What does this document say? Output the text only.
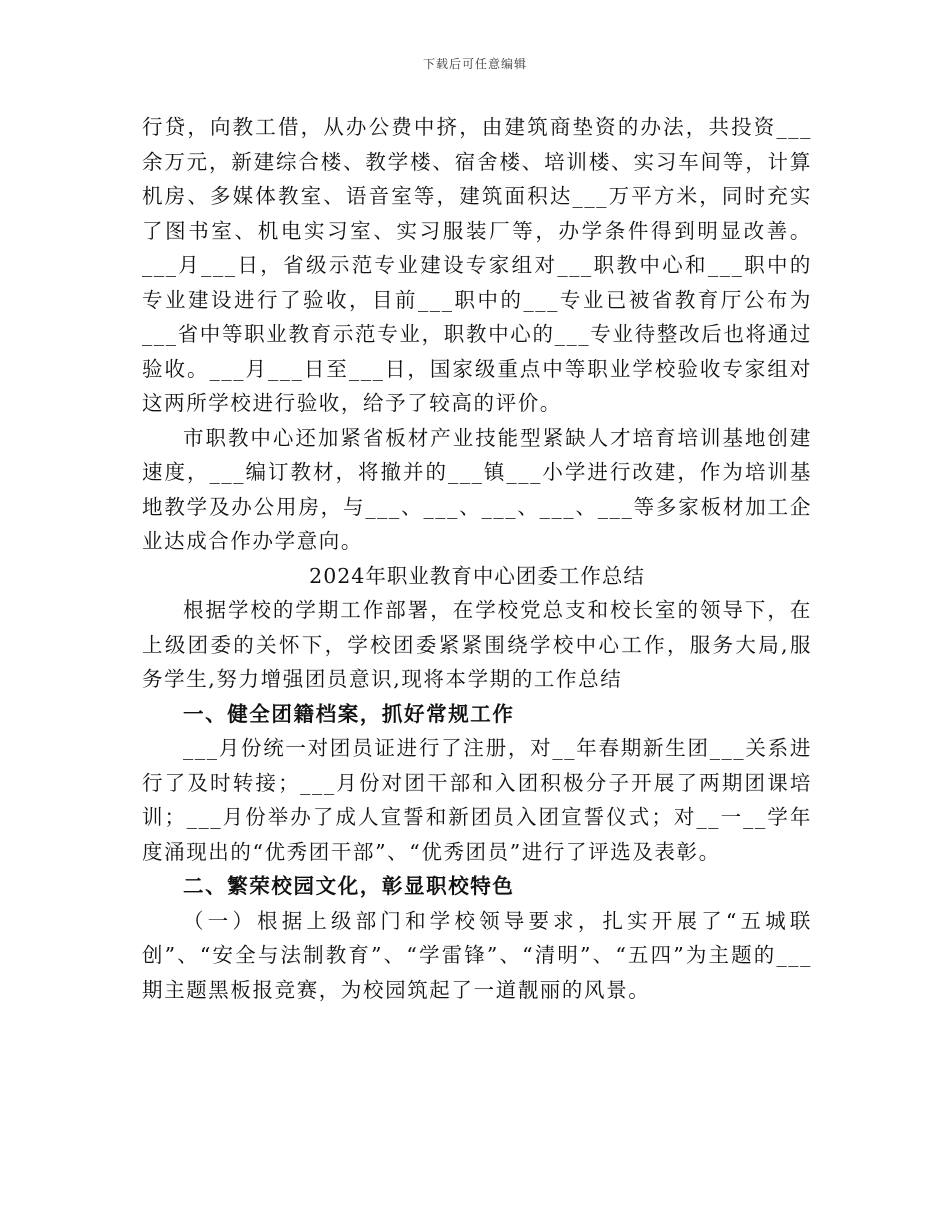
下载后可任意编辑

行贷，向教工借，从办公费中挤，由建筑商垫资的办法，共投资___余万元，新建综合楼、教学楼、宿舍楼、培训楼、实习车间等，计算机房、多媒体教室、语音室等，建筑面积达___万平方米，同时充实了图书室、机电实习室、实习服装厂等，办学条件得到明显改善。___月___日，省级示范专业建设专家组对___职教中心和___职中的专业建设进行了验收，目前___职中的___专业已被省教育厅公布为___省中等职业教育示范专业，职教中心的___专业待整改后也将通过验收。___月___日至___日，国家级重点中等职业学校验收专家组对这两所学校进行验收，给予了较高的评价。

市职教中心还加紧省板材产业技能型紧缺人才培育培训基地创建速度，___编订教材，将撤并的___镇___小学进行改建，作为培训基地教学及办公用房，与___、___、___、___、___等多家板材加工企业达成合作办学意向。

2024年职业教育中心团委工作总结

根据学校的学期工作部署，在学校党总支和校长室的领导下，在上级团委的关怀下，学校团委紧紧围绕学校中心工作，服务大局,服务学生,努力增强团员意识,现将本学期的工作总结

一、健全团籍档案，抓好常规工作

___月份统一对团员证进行了注册，对__年春期新生团___关系进行了及时转接；___月份对团干部和入团积极分子开展了两期团课培训；___月份举办了成人宣誓和新团员入团宣誓仪式；对__一__学年度涌现出的“优秀团干部”、“优秀团员”进行了评选及表彰。

二、繁荣校园文化，彰显职校特色

（一）根据上级部门和学校领导要求，扎实开展了“五城联创”、“安全与法制教育”、“学雷锋”、“清明”、“五四”为主题的___期主题黑板报竞赛，为校园筑起了一道靓丽的风景。
